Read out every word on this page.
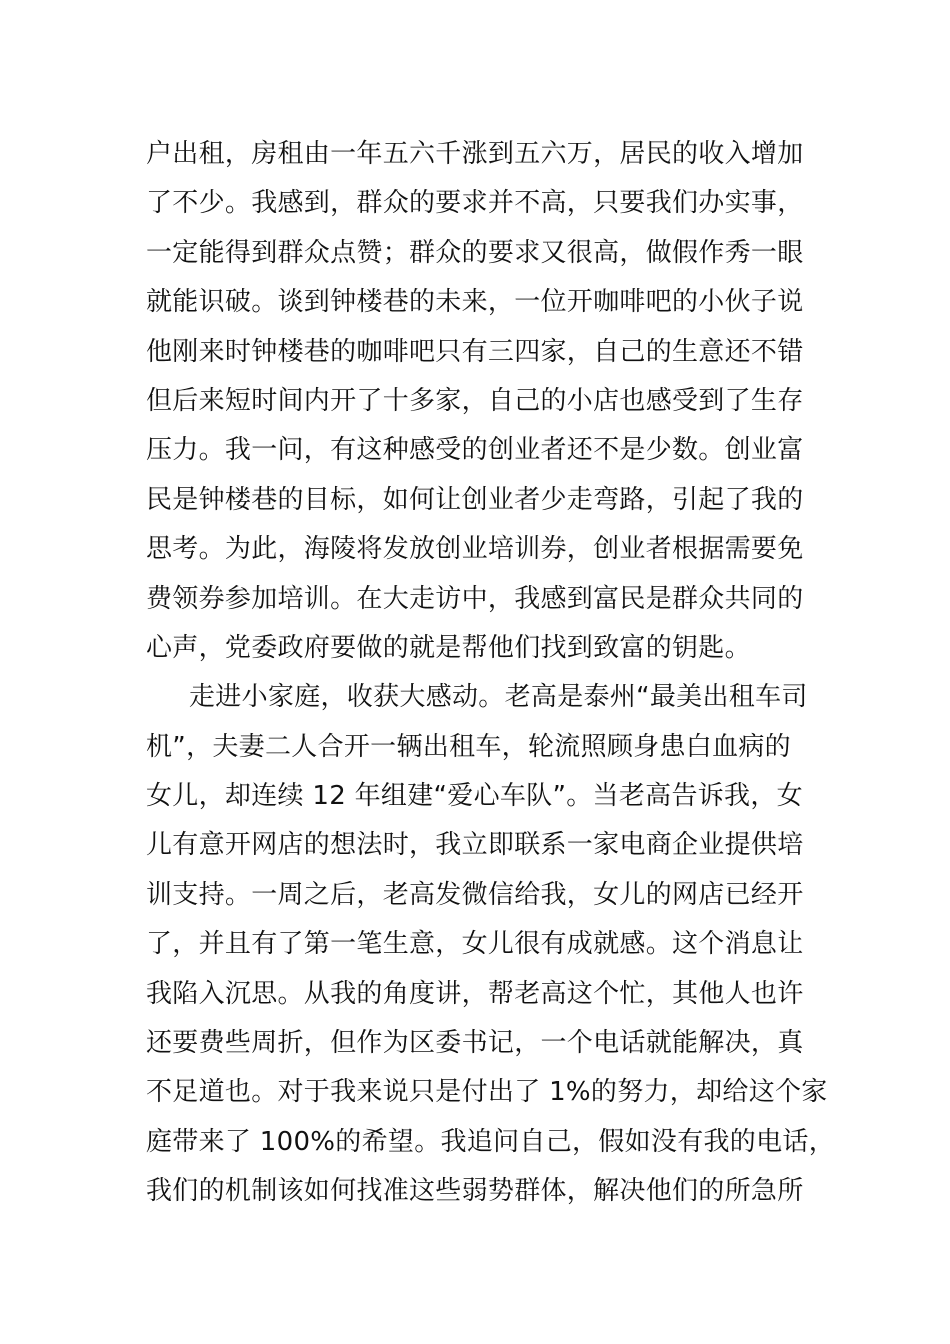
户出租，房租由一年五六千涨到五六万，居民的收入增加
了不少。我感到，群众的要求并不高，只要我们办实事，
一定能得到群众点赞；群众的要求又很高，做假作秀一眼
就能识破。谈到钟楼巷的未来，一位开咖啡吧的小伙子说
他刚来时钟楼巷的咖啡吧只有三四家，自己的生意还不错
但后来短时间内开了十多家，自己的小店也感受到了生存
压力。我一问，有这种感受的创业者还不是少数。创业富
民是钟楼巷的目标，如何让创业者少走弯路，引起了我的
思考。为此，海陵将发放创业培训券，创业者根据需要免
费领券参加培训。在大走访中，我感到富民是群众共同的
心声，党委政府要做的就是帮他们找到致富的钥匙。
走进小家庭，收获大感动。老高是泰州“最美出租车司
机”，夫妻二人合开一辆出租车，轮流照顾身患白血病的
女儿，却连续 12 年组建“爱心车队”。当老高告诉我，女
儿有意开网店的想法时，我立即联系一家电商企业提供培
训支持。一周之后，老高发微信给我，女儿的网店已经开
了，并且有了第一笔生意，女儿很有成就感。这个消息让
我陷入沉思。从我的角度讲，帮老高这个忙，其他人也许
还要费些周折，但作为区委书记，一个电话就能解决，真
不足道也。对于我来说只是付出了 1%的努力，却给这个家
庭带来了 100%的希望。我追问自己，假如没有我的电话，
我们的机制该如何找准这些弱势群体，解决他们的所急所
